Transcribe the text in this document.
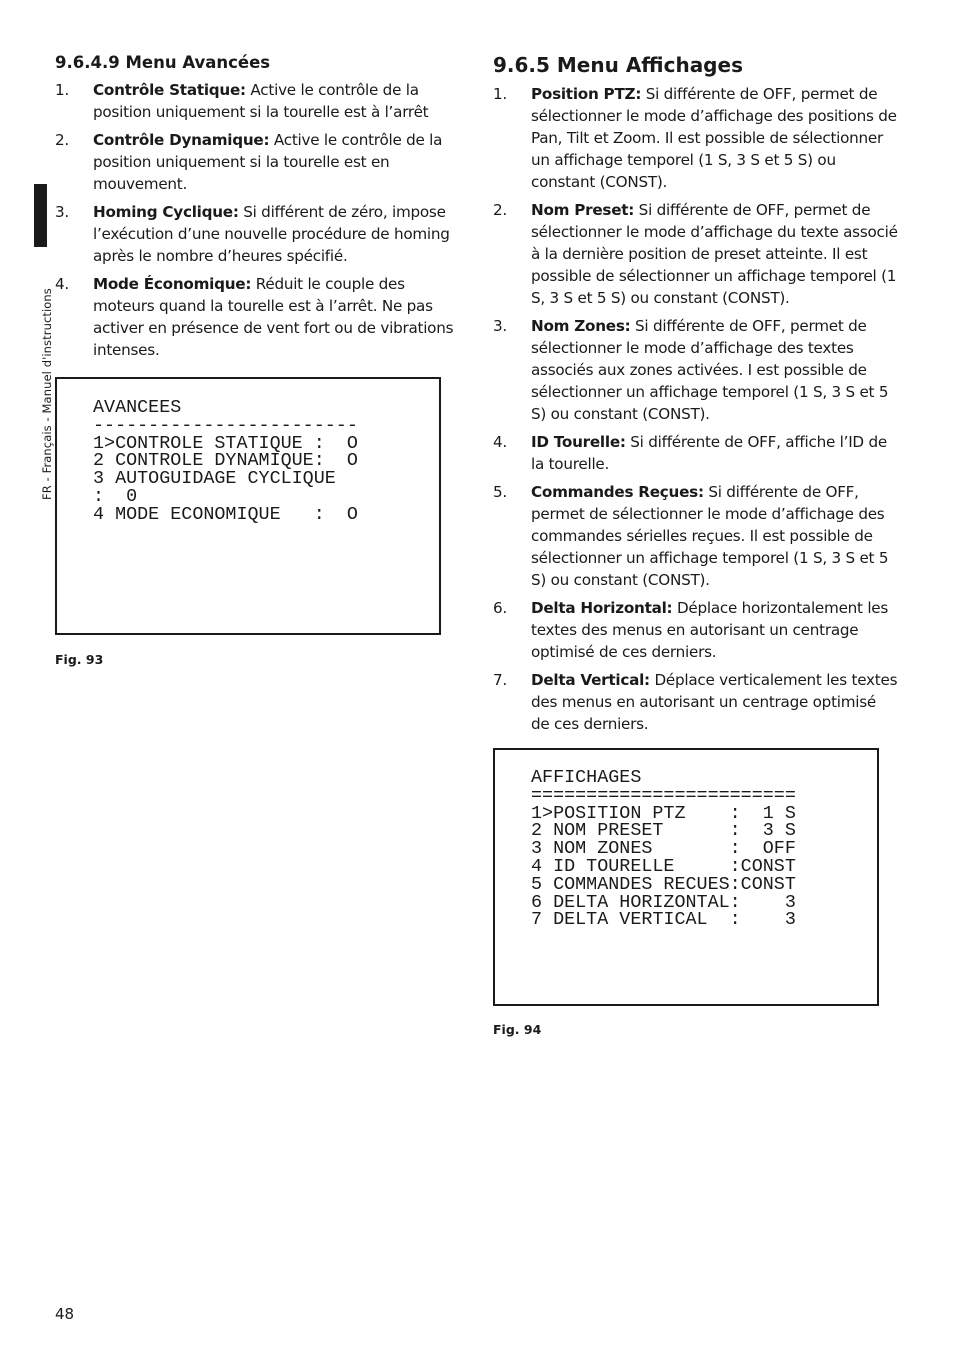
FR - Français - Manuel d'instructions
9.6.4.9 Menu Avancées
1. Contrôle Statique: Active le contrôle de la position uniquement si la tourelle est à l’arrêt
2. Contrôle Dynamique: Active le contrôle de la position uniquement si la tourelle est en mouvement.
3. Homing Cyclique: Si différent de zéro, impose l’exécution d’une nouvelle procédure de homing après le nombre d’heures spécifié.
4. Mode Économique: Réduit le couple des moteurs quand la tourelle est à l’arrêt. Ne pas activer en présence de vent fort ou de vibrations intenses.
AVANCEES
------------------------
1>CONTROLE STATIQUE :  O
2 CONTROLE DYNAMIQUE:  O
3 AUTOGUIDAGE CYCLIQUE
:  0
4 MODE ECONOMIQUE   :  O
Fig. 93
9.6.5 Menu Affichages
1. Position PTZ: Si différente de OFF, permet de sélectionner le mode d’affichage des positions de Pan, Tilt et Zoom. Il est possible de sélectionner un affichage temporel (1 S, 3 S et 5 S) ou constant (CONST).
2. Nom Preset: Si différente de OFF, permet de sélectionner le mode d’affichage du texte associé à la dernière position de preset atteinte. Il est possible de sélectionner un affichage temporel (1 S, 3 S et 5 S) ou constant (CONST).
3. Nom Zones: Si différente de OFF, permet de sélectionner le mode d’affichage des textes associés aux zones activées. I est possible de sélectionner un affichage temporel (1 S, 3 S et 5 S) ou constant (CONST).
4. ID Tourelle: Si différente de OFF, affiche l’ID de la tourelle.
5. Commandes Reçues: Si différente de OFF, permet de sélectionner le mode d’affichage des commandes sérielles reçues. Il est possible de sélectionner un affichage temporel (1 S, 3 S et 5 S) ou constant (CONST).
6. Delta Horizontal: Déplace horizontalement les textes des menus en autorisant un centrage optimisé de ces derniers.
7. Delta Vertical: Déplace verticalement les textes des menus en autorisant un centrage optimisé de ces derniers.
AFFICHAGES
========================
1>POSITION PTZ    :  1 S
2 NOM PRESET      :  3 S
3 NOM ZONES       :  OFF
4 ID TOURELLE     :CONST
5 COMMANDES RECUES:CONST
6 DELTA HORIZONTAL:    3
7 DELTA VERTICAL  :    3
Fig. 94
48
